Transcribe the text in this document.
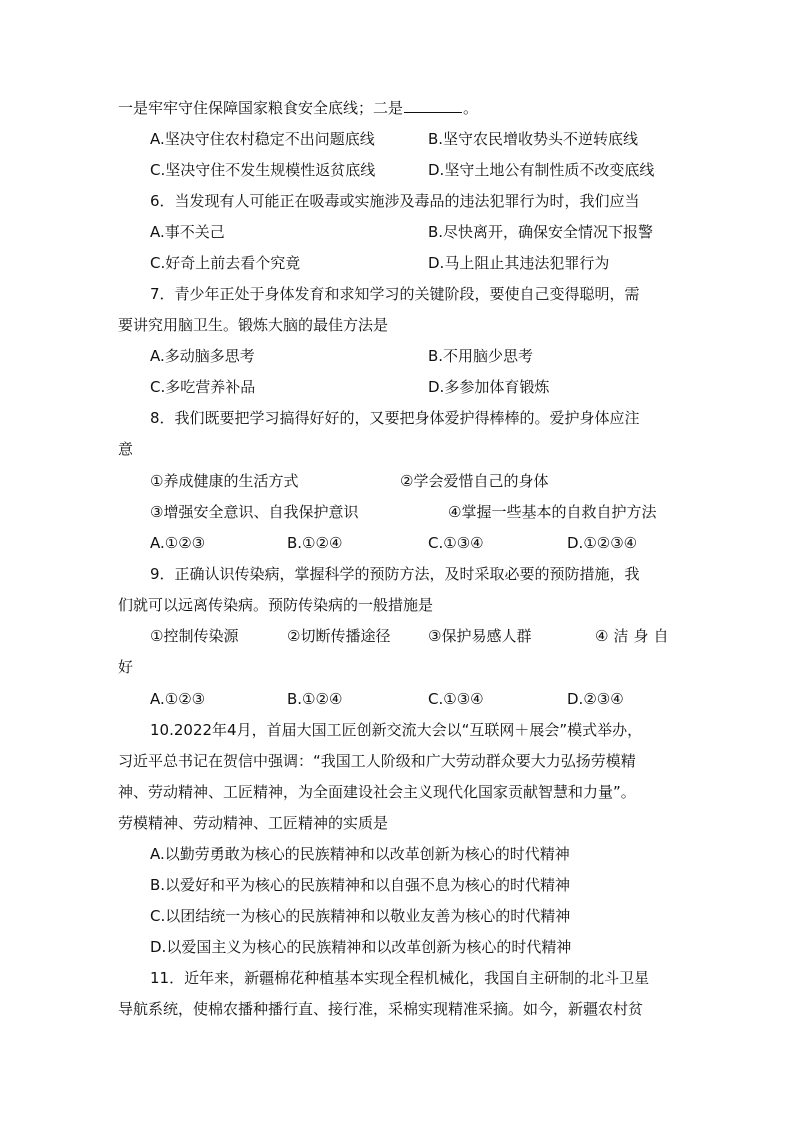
一是牢牢守住保障国家粮食安全底线；二是	。
A.坚决守住农村稳定不出问题底线	B.坚守农民增收势头不逆转底线
C.坚决守住不发生规模性返贫底线	D.坚守土地公有制性质不改变底线
6．当发现有人可能正在吸毒或实施涉及毒品的违法犯罪行为时，我们应当
A.事不关己	B.尽快离开，确保安全情况下报警
C.好奇上前去看个究竟	D.马上阻止其违法犯罪行为
7．青少年正处于身体发育和求知学习的关键阶段，要使自己变得聪明，需
要讲究用脑卫生。锻炼大脑的最佳方法是
A.多动脑多思考	B.不用脑少思考
C.多吃营养补品	D.多参加体育锻炼
8．我们既要把学习搞得好好的，又要把身体爱护得棒棒的。爱护身体应注
意
①养成健康的生活方式	②学会爱惜自己的身体
③增强安全意识、自我保护意识	④掌握一些基本的自救自护方法
A.①②③	B.①②④	C.①③④	D.①②③④
9．正确认识传染病，掌握科学的预防方法，及时采取必要的预防措施，我
们就可以远离传染病。预防传染病的一般措施是
①控制传染源	②切断传播途径	③保护易感人群	④洁身自
好
A.①②③	B.①②④	C.①③④	D.②③④
10.2022年4月，首届大国工匠创新交流大会以“互联网＋展会”模式举办，
习近平总书记在贺信中强调：“我国工人阶级和广大劳动群众要大力弘扬劳模精
神、劳动精神、工匠精神，为全面建设社会主义现代化国家贡献智慧和力量”。
劳模精神、劳动精神、工匠精神的实质是
A.以勤劳勇敢为核心的民族精神和以改革创新为核心的时代精神
B.以爱好和平为核心的民族精神和以自强不息为核心的时代精神
C.以团结统一为核心的民族精神和以敬业友善为核心的时代精神
D.以爱国主义为核心的民族精神和以改革创新为核心的时代精神
11．近年来，新疆棉花种植基本实现全程机械化，我国自主研制的北斗卫星
导航系统，使棉农播种播行直、接行准，采棉实现精准采摘。如今，新疆农村贫
